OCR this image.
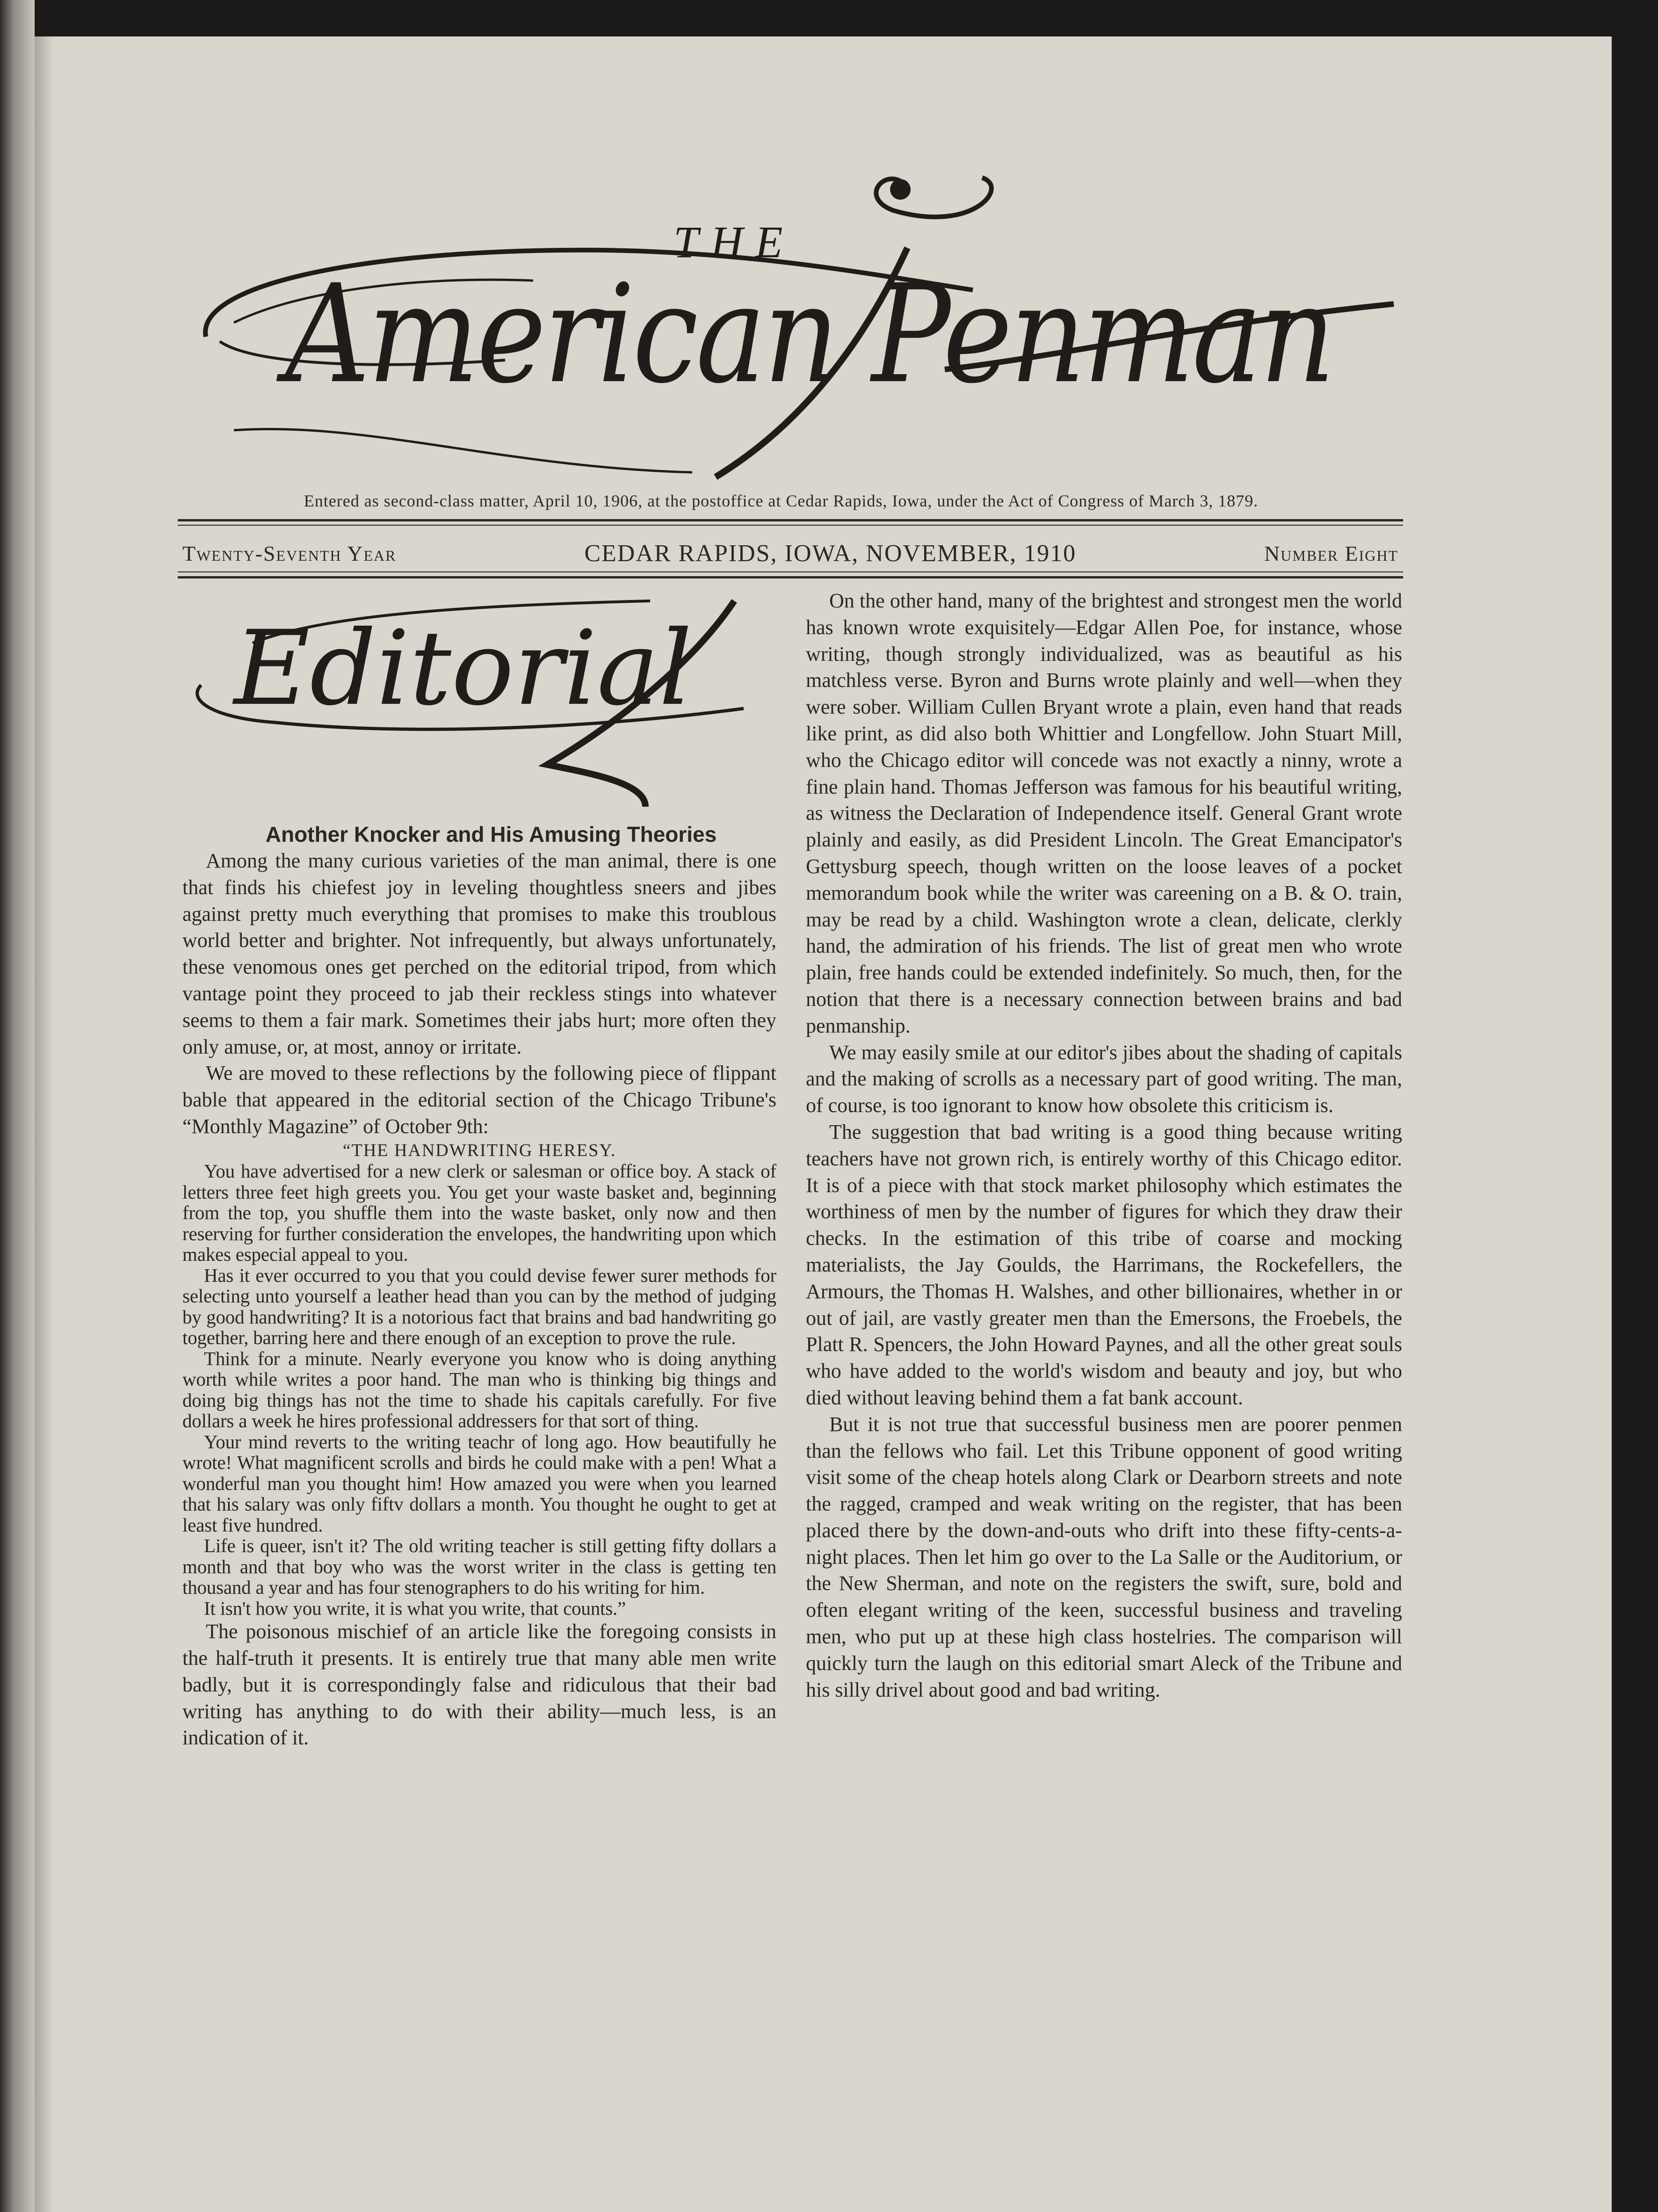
THE
American Penman
Entered as second-class matter, April 10, 1906, at the postoffice at Cedar Rapids, Iowa, under the Act of Congress of March 3, 1879.
Twenty-Seventh Year	CEDAR RAPIDS, IOWA, NOVEMBER, 1910	Number Eight
Editorial

Another Knocker and His Amusing Theories

Among the many curious varieties of the man animal, there is one that finds his chiefest joy in leveling thoughtless sneers and jibes against pretty much everything that promises to make this troublous world better and brighter. Not infrequently, but always unfortunately, these venomous ones get perched on the editorial tripod, from which vantage point they proceed to jab their reckless stings into whatever seems to them a fair mark. Sometimes their jabs hurt; more often they only amuse, or, at most, annoy or irritate.

We are moved to these reflections by the following piece of flippant bable that appeared in the editorial section of the Chicago Tribune's “Monthly Magazine” of October 9th:

“THE HANDWRITING HERESY.

You have advertised for a new clerk or salesman or office boy. A stack of letters three feet high greets you. You get your waste basket and, beginning from the top, you shuffle them into the waste basket, only now and then reserving for further consideration the envelopes, the handwriting upon which makes especial appeal to you.

Has it ever occurred to you that you could devise fewer surer methods for selecting unto yourself a leather head than you can by the method of judging by good handwriting? It is a notorious fact that brains and bad handwriting go together, barring here and there enough of an exception to prove the rule.

Think for a minute. Nearly everyone you know who is doing anything worth while writes a poor hand. The man who is thinking big things and doing big things has not the time to shade his capitals carefully. For five dollars a week he hires professional addressers for that sort of thing.

Your mind reverts to the writing teachr of long ago. How beautifully he wrote! What magnificent scrolls and birds he could make with a pen! What a wonderful man you thought him! How amazed you were when you learned that his salary was only fiftv dollars a month. You thought he ought to get at least five hundred.

Life is queer, isn't it? The old writing teacher is still getting fifty dollars a month and that boy who was the worst writer in the class is getting ten thousand a year and has four stenographers to do his writing for him.

It isn't how you write, it is what you write, that counts.”

The poisonous mischief of an article like the foregoing consists in the half-truth it presents. It is entirely true that many able men write badly, but it is correspondingly false and ridiculous that their bad writing has anything to do with their ability—much less, is an indication of it.

On the other hand, many of the brightest and strongest men the world has known wrote exquisitely—Edgar Allen Poe, for instance, whose writing, though strongly individualized, was as beautiful as his matchless verse. Byron and Burns wrote plainly and well—when they were sober. William Cullen Bryant wrote a plain, even hand that reads like print, as did also both Whittier and Longfellow. John Stuart Mill, who the Chicago editor will concede was not exactly a ninny, wrote a fine plain hand. Thomas Jefferson was famous for his beautiful writing, as witness the Declaration of Independence itself. General Grant wrote plainly and easily, as did President Lincoln. The Great Emancipator's Gettysburg speech, though written on the loose leaves of a pocket memorandum book while the writer was careening on a B. & O. train, may be read by a child. Washington wrote a clean, delicate, clerkly hand, the admiration of his friends. The list of great men who wrote plain, free hands could be extended indefinitely. So much, then, for the notion that there is a necessary connection between brains and bad penmanship.

We may easily smile at our editor's jibes about the shading of capitals and the making of scrolls as a necessary part of good writing. The man, of course, is too ignorant to know how obsolete this criticism is.

The suggestion that bad writing is a good thing because writing teachers have not grown rich, is entirely worthy of this Chicago editor. It is of a piece with that stock market philosophy which estimates the worthiness of men by the number of figures for which they draw their checks. In the estimation of this tribe of coarse and mocking materialists, the Jay Goulds, the Harrimans, the Rockefellers, the Armours, the Thomas H. Walshes, and other billionaires, whether in or out of jail, are vastly greater men than the Emersons, the Froebels, the Platt R. Spencers, the John Howard Paynes, and all the other great souls who have added to the world's wisdom and beauty and joy, but who died without leaving behind them a fat bank account.

But it is not true that successful business men are poorer penmen than the fellows who fail. Let this Tribune opponent of good writing visit some of the cheap hotels along Clark or Dearborn streets and note the ragged, cramped and weak writing on the register, that has been placed there by the down-and-outs who drift into these fifty-cents-a-night places. Then let him go over to the La Salle or the Auditorium, or the New Sherman, and note on the registers the swift, sure, bold and often elegant writing of the keen, successful business and traveling men, who put up at these high class hostelries. The comparison will quickly turn the laugh on this editorial smart Aleck of the Tribune and his silly drivel about good and bad writing.
